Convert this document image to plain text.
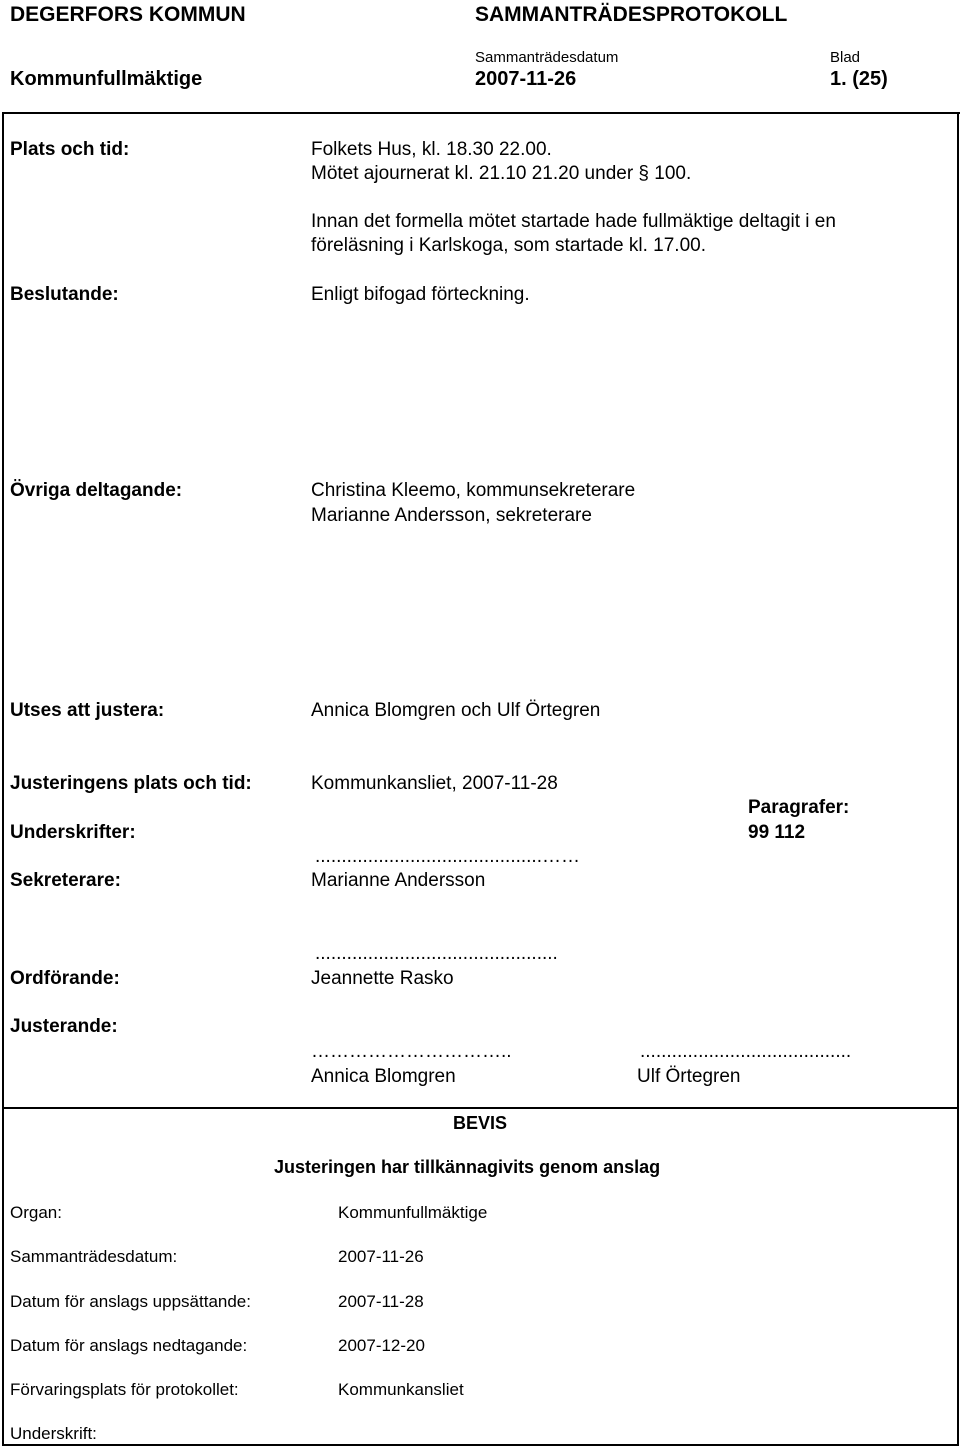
DEGERFORS KOMMUN	SAMMANTRÄDESPROTOKOLL
Sammanträdesdatum	Blad
Kommunfullmäktige	2007-11-26	1. (25)
Plats och tid:	Folkets Hus, kl. 18.30 22.00.
Mötet ajournerat kl. 21.10 21.20 under § 100.
Innan det formella mötet startade hade fullmäktige deltagit i en
föreläsning i Karlskoga, som startade kl. 17.00.
Beslutande:	Enligt bifogad förteckning.
Övriga deltagande:	Christina Kleemo, kommunsekreterare
Marianne Andersson, sekreterare
Utses att justera:	Annica Blomgren och Ulf Örtegren
Justeringens plats och tid:	Kommunkansliet, 2007-11-28
Paragrafer:
99 112
Underskrifter:
...........................................……
Sekreterare:	Marianne Andersson
..............................................
Ordförande:	Jeannette Rasko
Justerande:
…………………………..
Annica Blomgren
........................................
Ulf Örtegren
BEVIS
Justeringen har tillkännagivits genom anslag
Organ:	Kommunfullmäktige
Sammanträdesdatum:	2007-11-26
Datum för anslags uppsättande:	2007-11-28
Datum för anslags nedtagande:	2007-12-20
Förvaringsplats för protokollet:	Kommunkansliet
Underskrift:
